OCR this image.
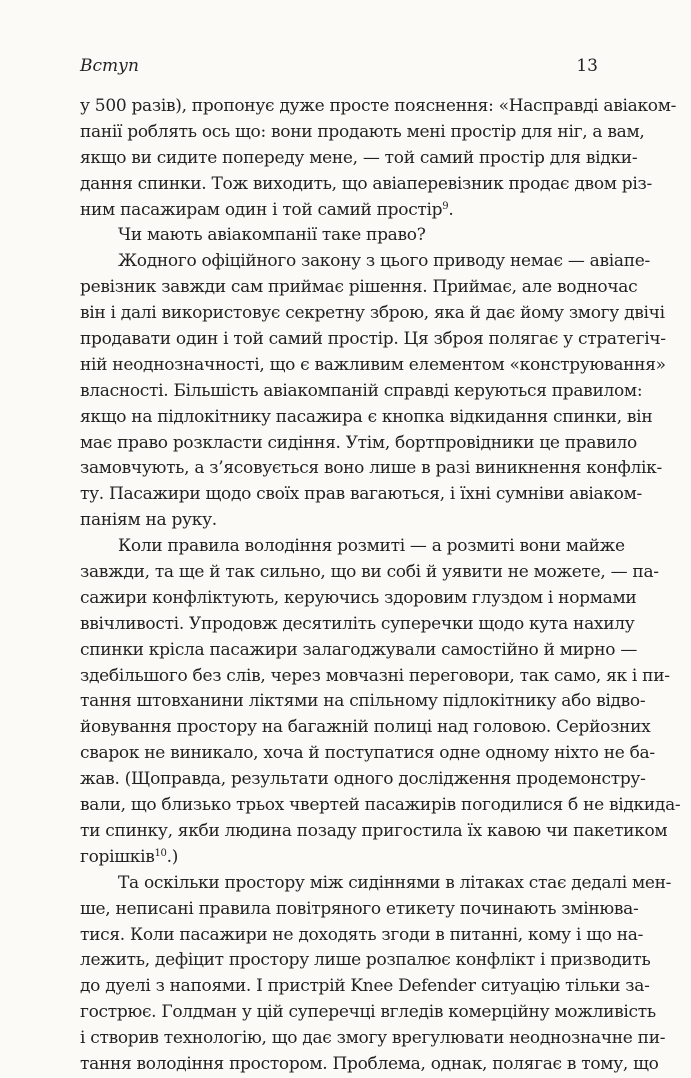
Вступ	13
у 500 разів), пропонує дуже просте пояснення: «Насправді авіаком-
панії роблять ось що: вони продають мені простір для ніг, а вам,
якщо ви сидите попереду мене, — той самий простір для відки-
дання спинки. Тож виходить, що авіаперевізник продає двом різ-
ним пасажирам один і той самий простір$^9$.
Чи мають авіакомпанії таке право?
Жодного офіційного закону з цього приводу немає — авіапе-
ревізник завжди сам приймає рішення. Приймає, але водночас
він і далі використовує секретну зброю, яка й дає йому змогу двічі
продавати один і той самий простір. Ця зброя полягає у стратегіч-
ній неоднозначності, що є важливим елементом «конструювання»
власності. Більшість авіакомпаній справді керуються правилом:
якщо на підлокітнику пасажира є кнопка відкидання спинки, він
має право розкласти сидіння. Утім, бортпровідники це правило
замовчують, а з’ясовується воно лише в разі виникнення конфлік-
ту. Пасажири щодо своїх прав вагаються, і їхні сумніви авіаком-
паніям на руку.
Коли правила володіння розмиті — а розмиті вони майже
завжди, та ще й так сильно, що ви собі й уявити не можете, — па-
сажири конфліктують, керуючись здоровим глуздом і нормами
ввічливості. Упродовж десятиліть суперечки щодо кута нахилу
спинки крісла пасажири залагоджували самостійно й мирно —
здебільшого без слів, через мовчазні переговори, так само, як і пи-
тання штовханини ліктями на спільному підлокітнику або відво-
йовування простору на багажній полиці над головою. Серйозних
сварок не виникало, хоча й поступатися одне одному ніхто не ба-
жав. (Щоправда, результати одного дослідження продемонстру-
вали, що близько трьох чвертей пасажирів погодилися б не відкида-
ти спинку, якби людина позаду пригостила їх кавою чи пакетиком
горішків$^{10}$.)
Та оскільки простору між сидіннями в літаках стає дедалі мен-
ше, неписані правила повітряного етикету починають змінюва-
тися. Коли пасажири не доходять згоди в питанні, кому і що на-
лежить, дефіцит простору лише розпалює конфлікт і призводить
до дуелі з напоями. І пристрій Knee Defender ситуацію тільки за-
гострює. Голдман у цій суперечці вгледів комерційну можливість
і створив технологію, що дає змогу врегулювати неоднозначне пи-
тання володіння простором. Проблема, однак, полягає в тому, що
